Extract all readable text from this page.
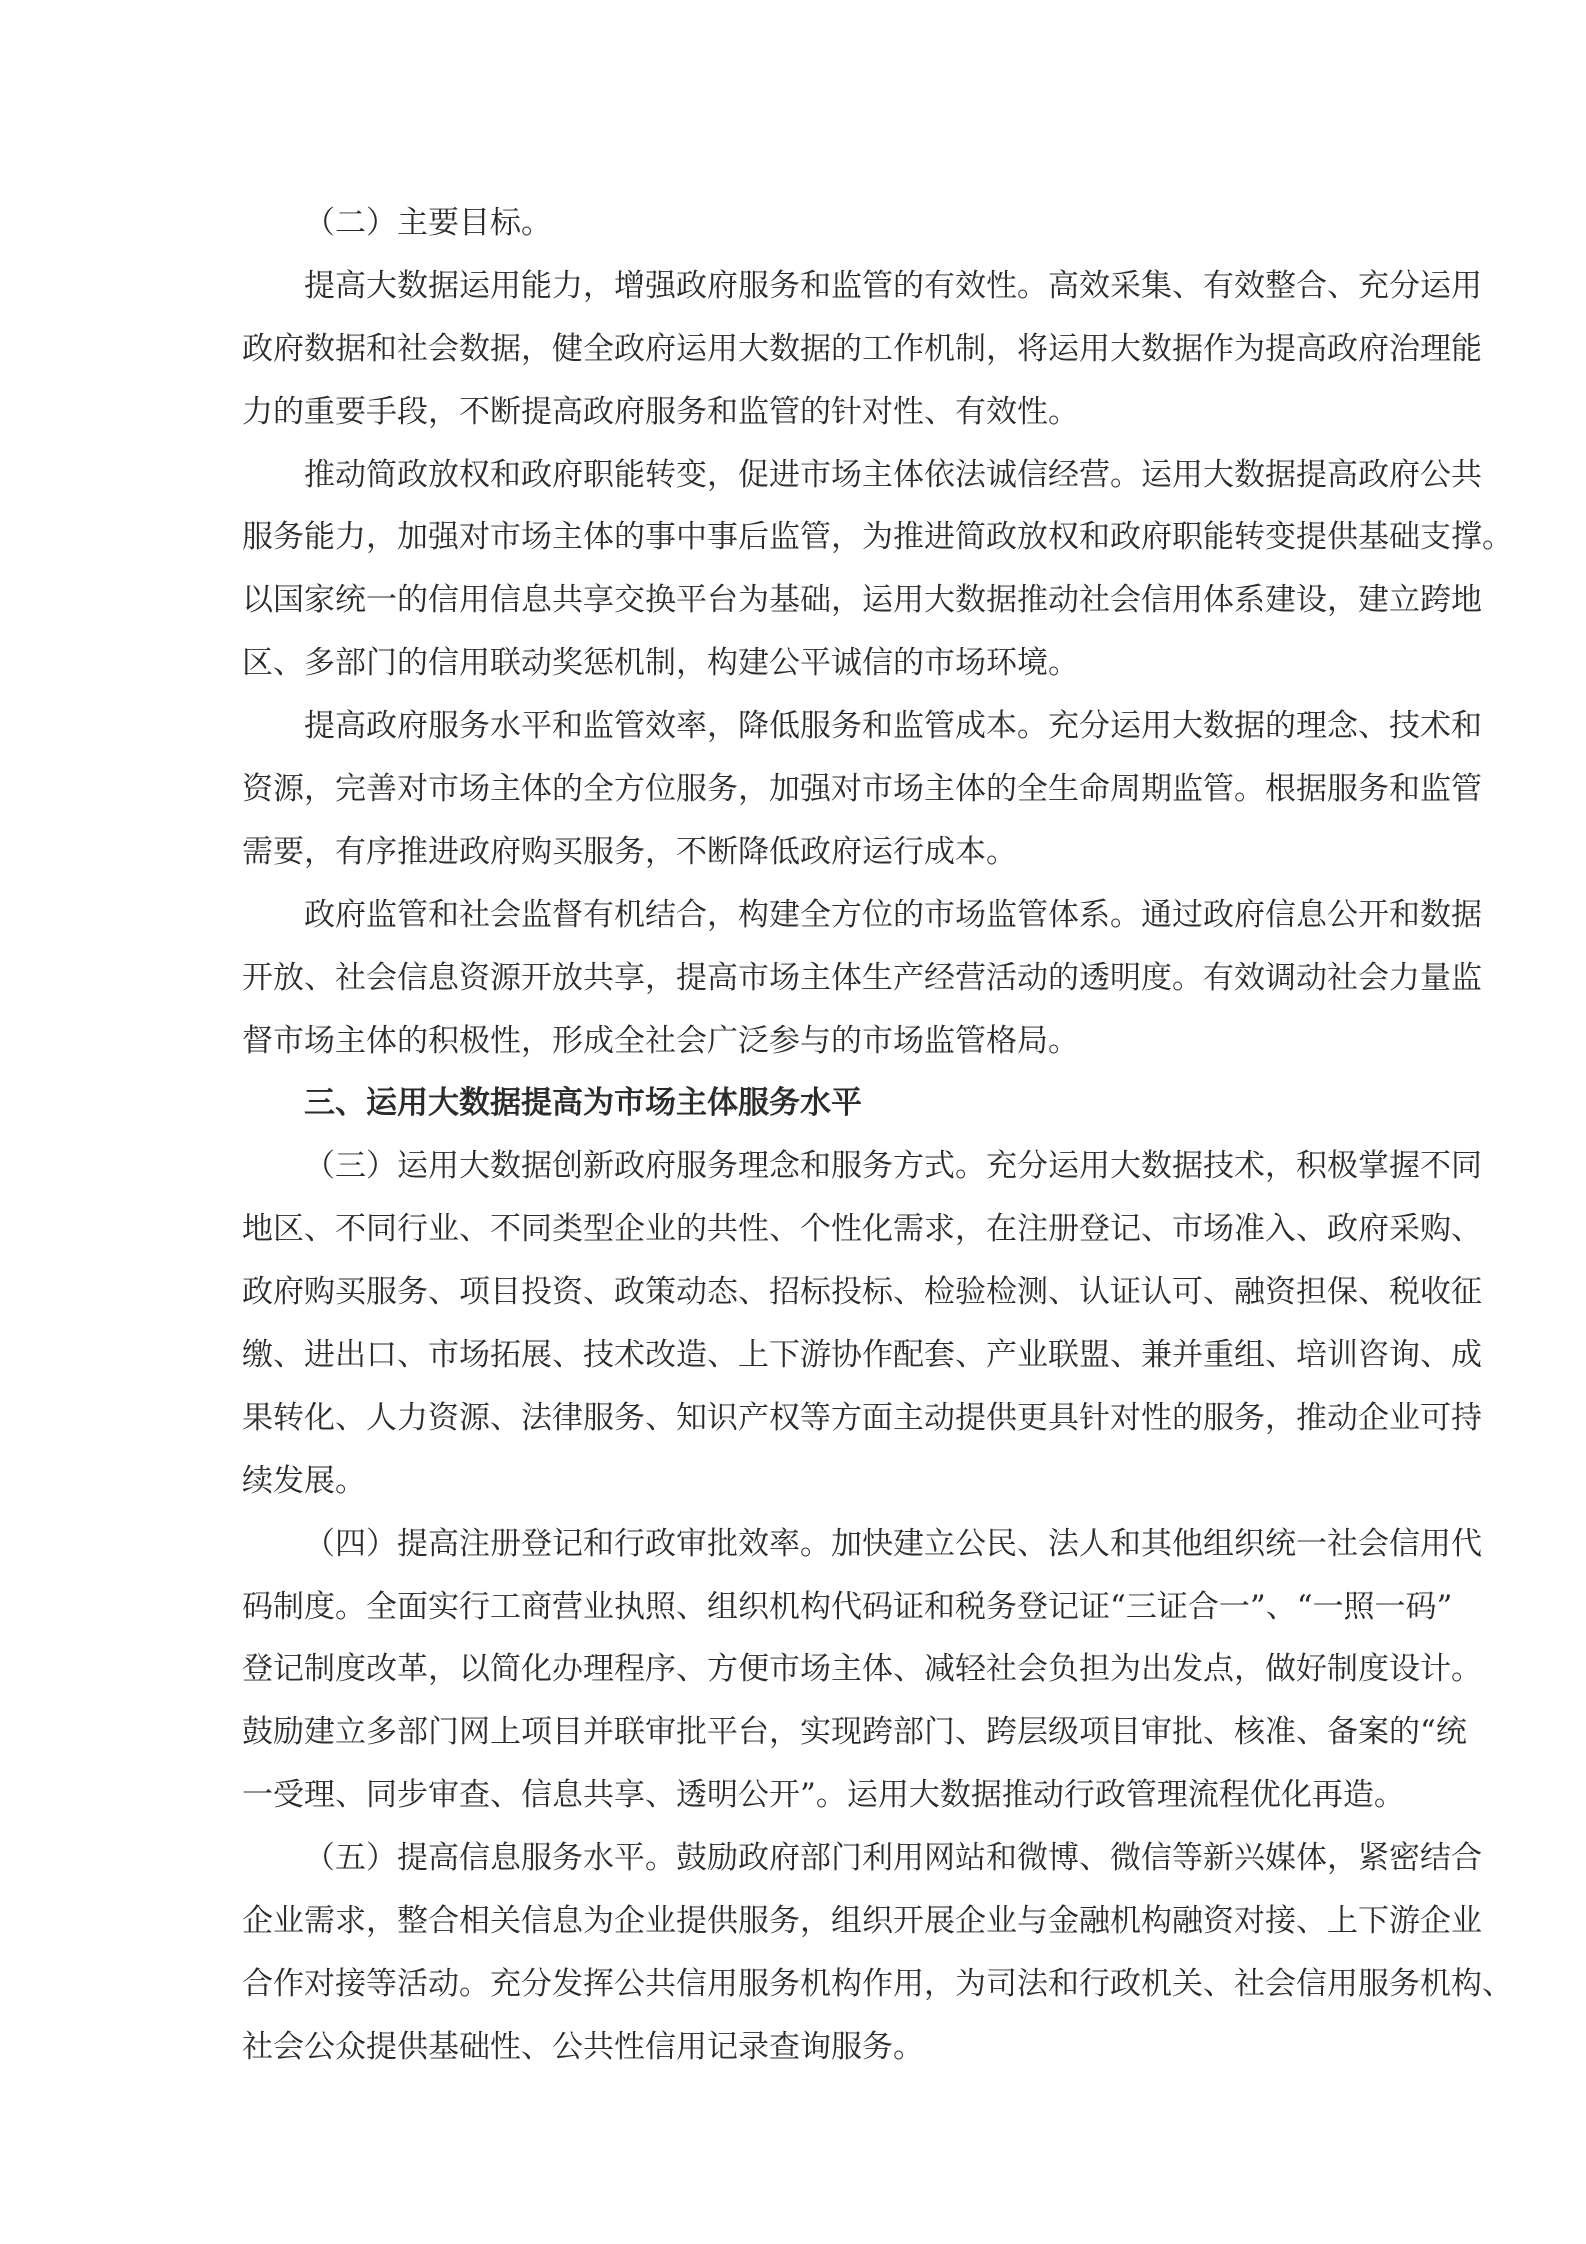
（二）主要目标。
提高大数据运用能力，增强政府服务和监管的有效性。高效采集、有效整合、充分运用
政府数据和社会数据，健全政府运用大数据的工作机制，将运用大数据作为提高政府治理能
力的重要手段，不断提高政府服务和监管的针对性、有效性。
推动简政放权和政府职能转变，促进市场主体依法诚信经营。运用大数据提高政府公共
服务能力，加强对市场主体的事中事后监管，为推进简政放权和政府职能转变提供基础支撑。
以国家统一的信用信息共享交换平台为基础，运用大数据推动社会信用体系建设，建立跨地
区、多部门的信用联动奖惩机制，构建公平诚信的市场环境。
提高政府服务水平和监管效率，降低服务和监管成本。充分运用大数据的理念、技术和
资源，完善对市场主体的全方位服务，加强对市场主体的全生命周期监管。根据服务和监管
需要，有序推进政府购买服务，不断降低政府运行成本。
政府监管和社会监督有机结合，构建全方位的市场监管体系。通过政府信息公开和数据
开放、社会信息资源开放共享，提高市场主体生产经营活动的透明度。有效调动社会力量监
督市场主体的积极性，形成全社会广泛参与的市场监管格局。
三、运用大数据提高为市场主体服务水平
（三）运用大数据创新政府服务理念和服务方式。充分运用大数据技术，积极掌握不同
地区、不同行业、不同类型企业的共性、个性化需求，在注册登记、市场准入、政府采购、
政府购买服务、项目投资、政策动态、招标投标、检验检测、认证认可、融资担保、税收征
缴、进出口、市场拓展、技术改造、上下游协作配套、产业联盟、兼并重组、培训咨询、成
果转化、人力资源、法律服务、知识产权等方面主动提供更具针对性的服务，推动企业可持
续发展。
（四）提高注册登记和行政审批效率。加快建立公民、法人和其他组织统一社会信用代
码制度。全面实行工商营业执照、组织机构代码证和税务登记证“三证合一”、“一照一码”
登记制度改革，以简化办理程序、方便市场主体、减轻社会负担为出发点，做好制度设计。
鼓励建立多部门网上项目并联审批平台，实现跨部门、跨层级项目审批、核准、备案的“统
一受理、同步审查、信息共享、透明公开”。运用大数据推动行政管理流程优化再造。
（五）提高信息服务水平。鼓励政府部门利用网站和微博、微信等新兴媒体，紧密结合
企业需求，整合相关信息为企业提供服务，组织开展企业与金融机构融资对接、上下游企业
合作对接等活动。充分发挥公共信用服务机构作用，为司法和行政机关、社会信用服务机构、
社会公众提供基础性、公共性信用记录查询服务。
